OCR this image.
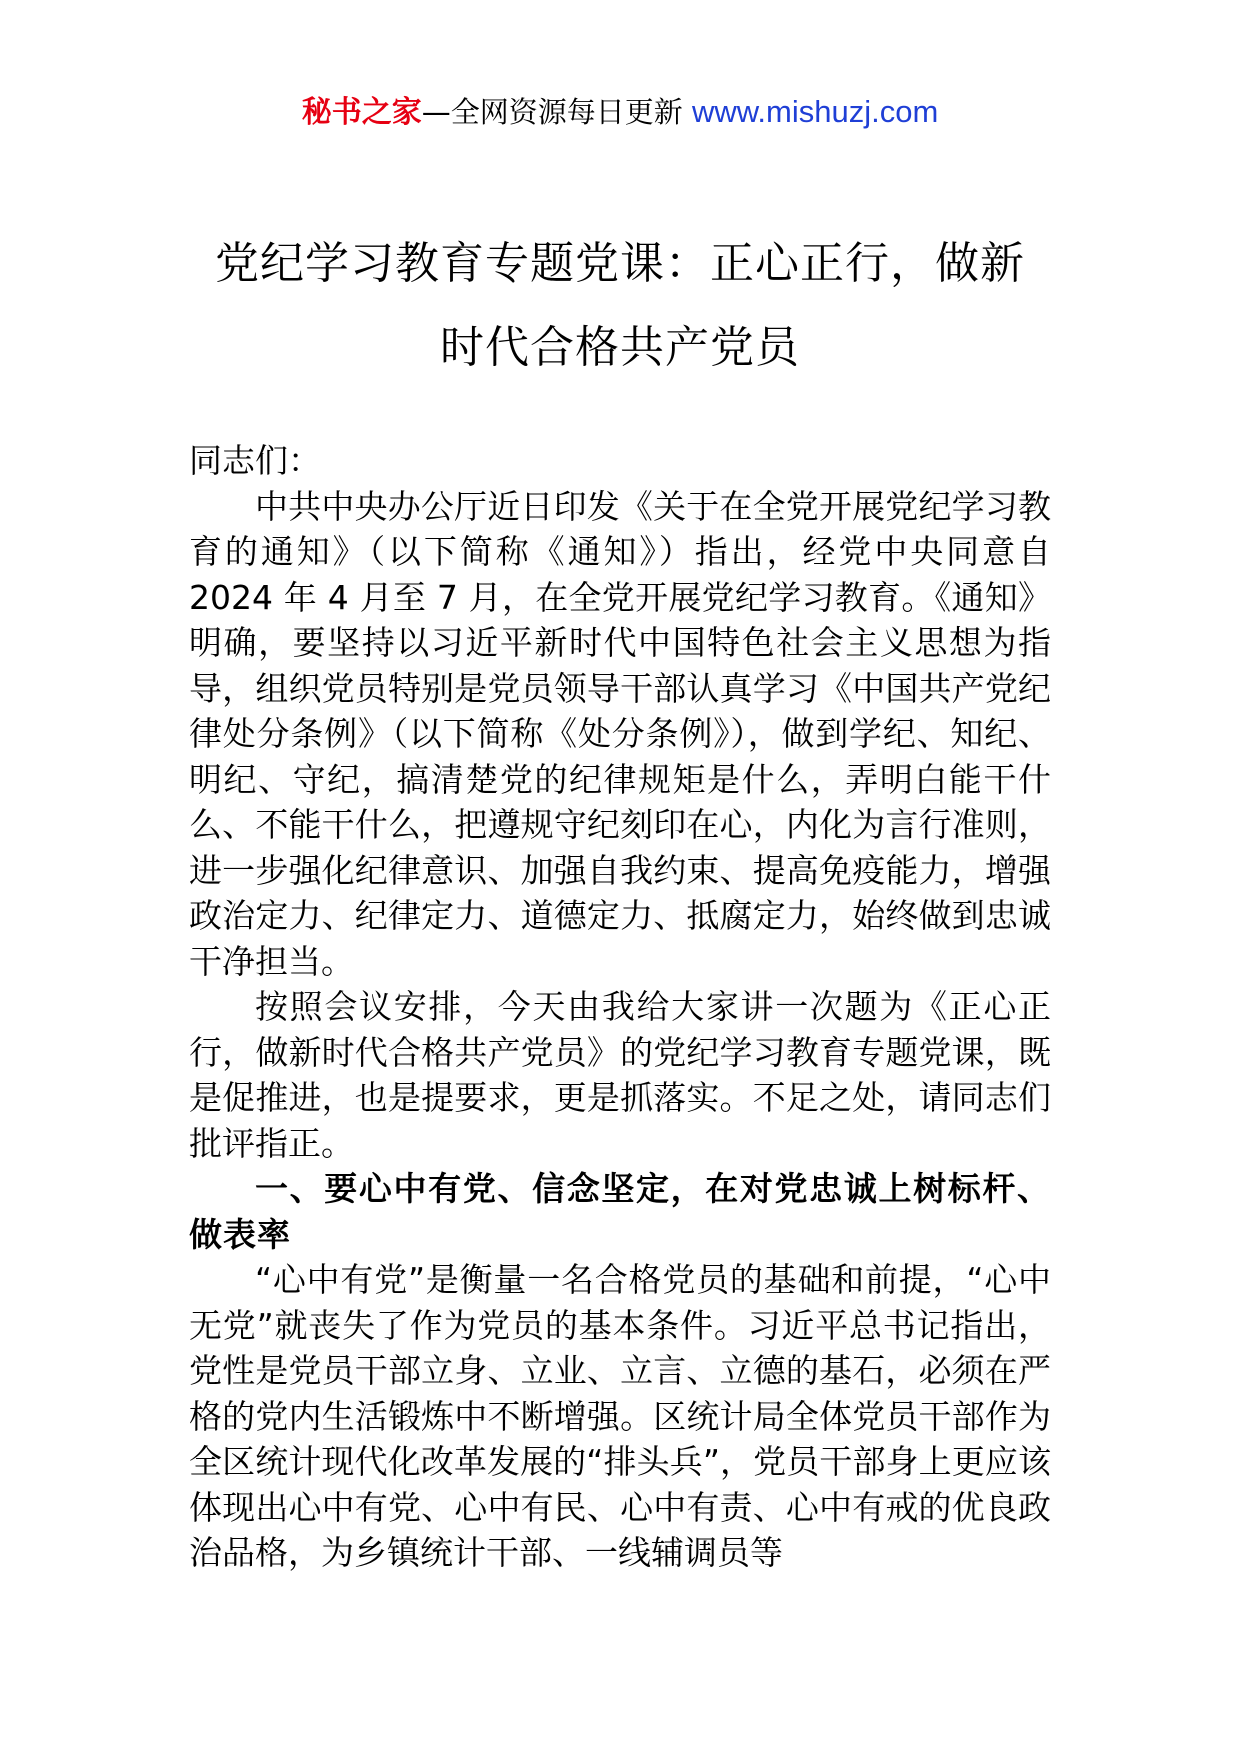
秘书之家—全网资源每日更新 www.mishuzj.com
党纪学习教育专题党课：正心正行，做新
时代合格共产党员

同志们：

中共中央办公厅近日印发《关于在全党开展党纪学习教育的通知》（以下简称《通知》）指出，经党中央同意自 2024 年 4 月至 7 月，在全党开展党纪学习教育。《通知》明确，要坚持以习近平新时代中国特色社会主义思想为指导，组织党员特别是党员领导干部认真学习《中国共产党纪律处分条例》（以下简称《处分条例》），做到学纪、知纪、明纪、守纪，搞清楚党的纪律规矩是什么，弄明白能干什么、不能干什么，把遵规守纪刻印在心，内化为言行准则，进一步强化纪律意识、加强自我约束、提高免疫能力，增强政治定力、纪律定力、道德定力、抵腐定力，始终做到忠诚干净担当。

按照会议安排，今天由我给大家讲一次题为《正心正行，做新时代合格共产党员》的党纪学习教育专题党课，既是促推进，也是提要求，更是抓落实。不足之处，请同志们批评指正。

一、要心中有党、信念坚定，在对党忠诚上树标杆、做表率

“心中有党”是衡量一名合格党员的基础和前提，“心中无党”就丧失了作为党员的基本条件。习近平总书记指出，党性是党员干部立身、立业、立言、立德的基石，必须在严格的党内生活锻炼中不断增强。区统计局全体党员干部作为全区统计现代化改革发展的“排头兵”，党员干部身上更应该体现出心中有党、心中有民、心中有责、心中有戒的优良政治品格，为乡镇统计干部、一线辅调员等
